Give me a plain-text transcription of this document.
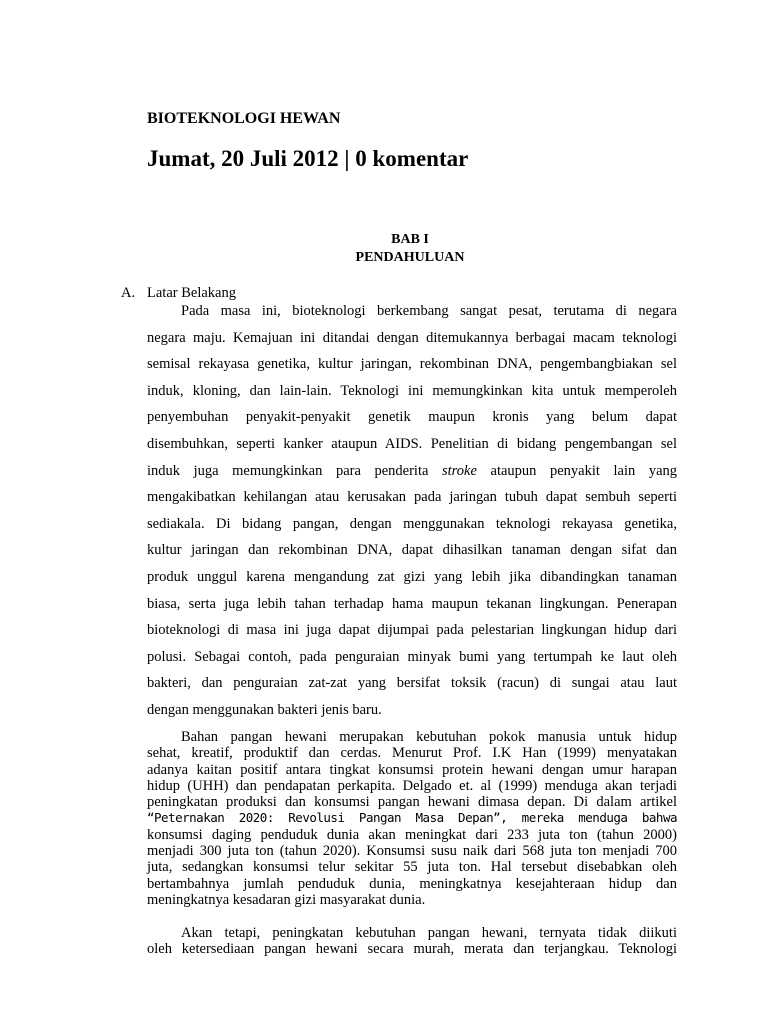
BIOTEKNOLOGI HEWAN
Jumat, 20 Juli 2012 | 0 komentar
BAB I
PENDAHULUAN
A. Latar Belakang
Pada masa ini, bioteknologi berkembang sangat pesat, terutama di negara
negara maju. Kemajuan ini ditandai dengan ditemukannya berbagai macam teknologi
semisal rekayasa genetika, kultur jaringan, rekombinan DNA, pengembangbiakan sel
induk, kloning, dan lain-lain. Teknologi ini memungkinkan kita untuk memperoleh
penyembuhan penyakit-penyakit genetik maupun kronis yang belum dapat
disembuhkan, seperti kanker ataupun AIDS. Penelitian di bidang pengembangan sel
induk juga memungkinkan para penderita stroke ataupun penyakit lain yang
mengakibatkan kehilangan atau kerusakan pada jaringan tubuh dapat sembuh seperti
sediakala. Di bidang pangan, dengan menggunakan teknologi rekayasa genetika,
kultur jaringan dan rekombinan DNA, dapat dihasilkan tanaman dengan sifat dan
produk unggul karena mengandung zat gizi yang lebih jika dibandingkan tanaman
biasa, serta juga lebih tahan terhadap hama maupun tekanan lingkungan. Penerapan
bioteknologi di masa ini juga dapat dijumpai pada pelestarian lingkungan hidup dari
polusi. Sebagai contoh, pada penguraian minyak bumi yang tertumpah ke laut oleh
bakteri, dan penguraian zat-zat yang bersifat toksik (racun) di sungai atau laut
dengan menggunakan bakteri jenis baru.
Bahan pangan hewani merupakan kebutuhan pokok manusia untuk hidup
sehat, kreatif, produktif dan cerdas. Menurut Prof. I.K Han (1999) menyatakan
adanya kaitan positif antara tingkat konsumsi protein hewani dengan umur harapan
hidup (UHH) dan pendapatan perkapita. Delgado et. al (1999) menduga akan terjadi
peningkatan produksi dan konsumsi pangan hewani dimasa depan. Di dalam artikel
“Peternakan 2020: Revolusi Pangan Masa Depan”, mereka menduga bahwa
konsumsi daging penduduk dunia akan meningkat dari 233 juta ton (tahun 2000)
menjadi 300 juta ton (tahun 2020). Konsumsi susu naik dari 568 juta ton menjadi 700
juta, sedangkan konsumsi telur sekitar 55 juta ton. Hal tersebut disebabkan oleh
bertambahnya jumlah penduduk dunia, meningkatnya kesejahteraan hidup dan
meningkatnya kesadaran gizi masyarakat dunia.
Akan tetapi, peningkatan kebutuhan pangan hewani, ternyata tidak diikuti
oleh ketersediaan pangan hewani secara murah, merata dan terjangkau. Teknologi
